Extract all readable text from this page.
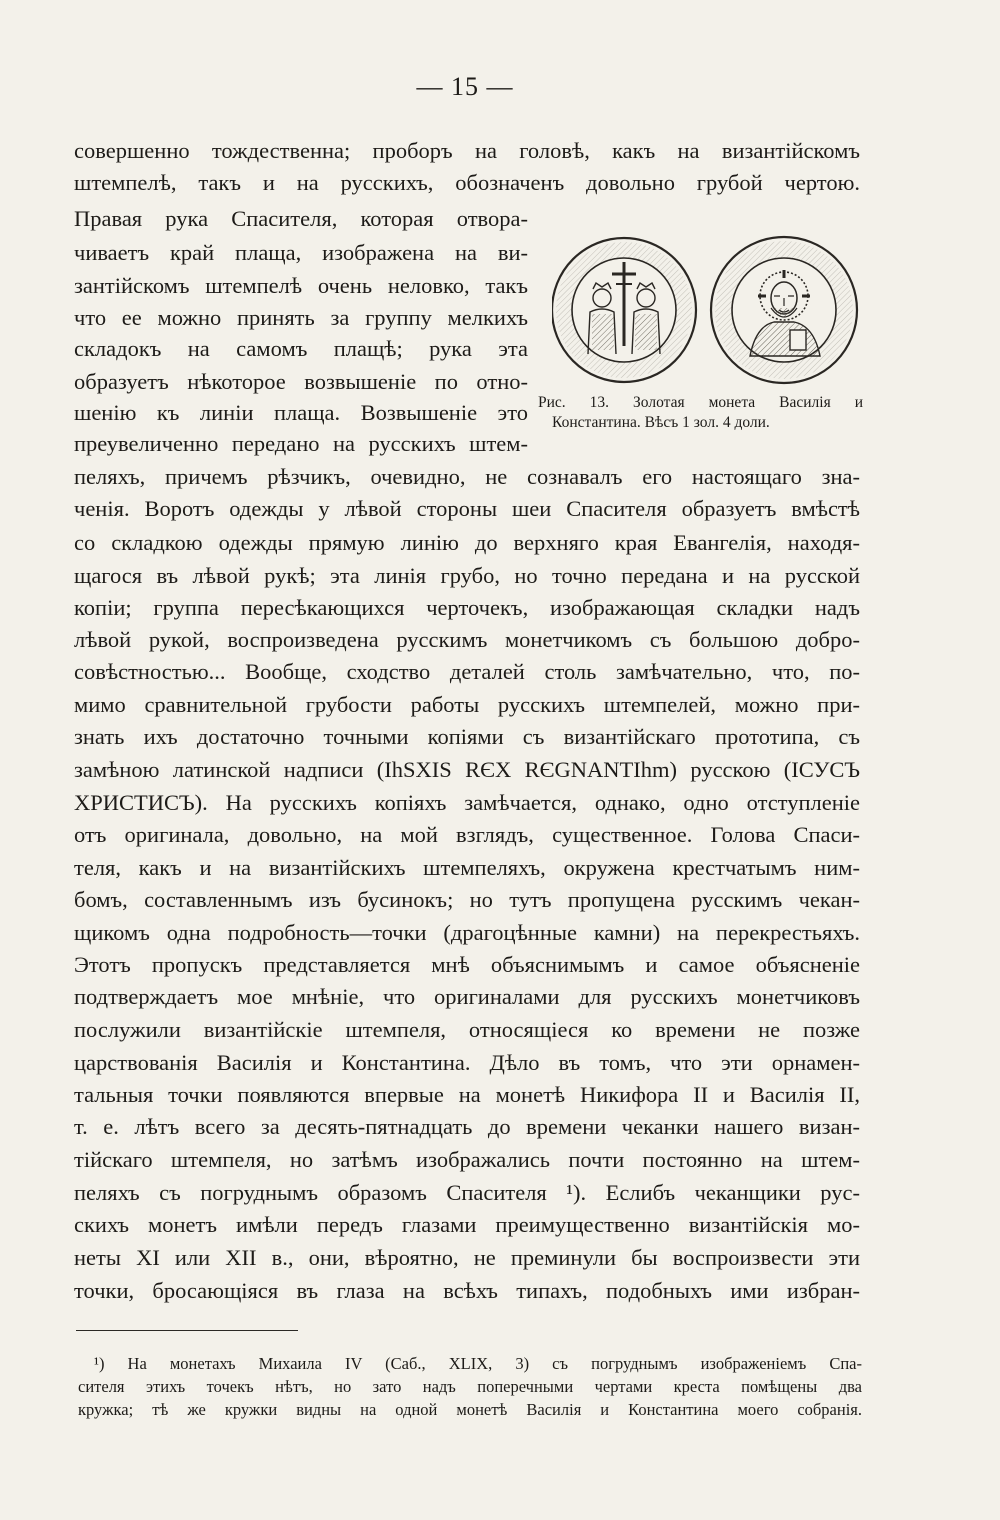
— 15 —
совершенно тождественна; проборъ на головѣ, какъ на византійскомъ
штемпелѣ, такъ и на русскихъ, обозначенъ довольно грубой чертою.
Правая рука Спасителя, которая отвора-
чиваетъ край плаща, изображена на ви-
зантійскомъ штемпелѣ очень неловко, такъ
что ее можно принять за группу мелкихъ
складокъ на самомъ плащѣ; рука эта
образуетъ нѣкоторое возвышеніе по отно-
шенію къ линіи плаща. Возвышеніе это
преувеличенно передано на русскихъ штем-
пеляхъ, причемъ рѣзчикъ, очевидно, не сознавалъ его настоящаго зна-
ченія. Воротъ одежды у лѣвой стороны шеи Спасителя образуетъ вмѣстѣ
со складкою одежды прямую линію до верхняго края Евангелія, находя-
щагося въ лѣвой рукѣ; эта линія грубо, но точно передана и на русской
копіи; группа пересѣкающихся черточекъ, изображающая складки надъ
лѣвой рукой, воспроизведена русскимъ монетчикомъ съ большою добро-
совѣстностью... Вообще, сходство деталей столь замѣчательно, что, по-
мимо сравнительной грубости работы русскихъ штемпелей, можно при-
знать ихъ достаточно точными копіями съ византійскаго прототипа, съ
замѣною латинской надписи (IhSXIS RЄX RЄGNANTIhm) русскою (ІСУСЪ
ХРИСТИСЪ). На русскихъ копіяхъ замѣчается, однако, одно отступленіе
отъ оригинала, довольно, на мой взглядъ, существенное. Голова Спаси-
теля, какъ и на византійскихъ штемпеляхъ, окружена крестчатымъ ним-
бомъ, составленнымъ изъ бусинокъ; но тутъ пропущена русскимъ чекан-
щикомъ одна подробность—точки (драгоцѣнные камни) на перекрестьяхъ.
Этотъ пропускъ представляется мнѣ объяснимымъ и самое объясненіе
подтверждаетъ мое мнѣніе, что оригиналами для русскихъ монетчиковъ
послужили византійскіе штемпеля, относящіеся ко времени не позже
царствованія Василія и Константина. Дѣло въ томъ, что эти орнамен-
тальныя точки появляются впервые на монетѣ Никифора II и Василія II,
т. е. лѣтъ всего за десять-пятнадцать до времени чеканки нашего визан-
тійскаго штемпеля, но затѣмъ изображались почти постоянно на штем-
пеляхъ съ погруднымъ образомъ Спасителя ¹). Еслибъ чеканщики рус-
скихъ монетъ имѣли передъ глазами преимущественно византійскія мо-
неты XI или XII в., они, вѣроятно, не преминули бы воспроизвести эти
точки, бросающіяся въ глаза на всѣхъ типахъ, подобныхъ ими избран-
Рис. 13. Золотая монета Василія и
Константина. Вѣсъ 1 зол. 4 доли.
¹) На монетахъ Михаила IV (Саб., XLIX, 3) съ погруднымъ изображеніемъ Спа-
сителя этихъ точекъ нѣтъ, но зато надъ поперечными чертами креста помѣщены два
кружка; тѣ же кружки видны на одной монетѣ Василія и Константина моего собранія.
